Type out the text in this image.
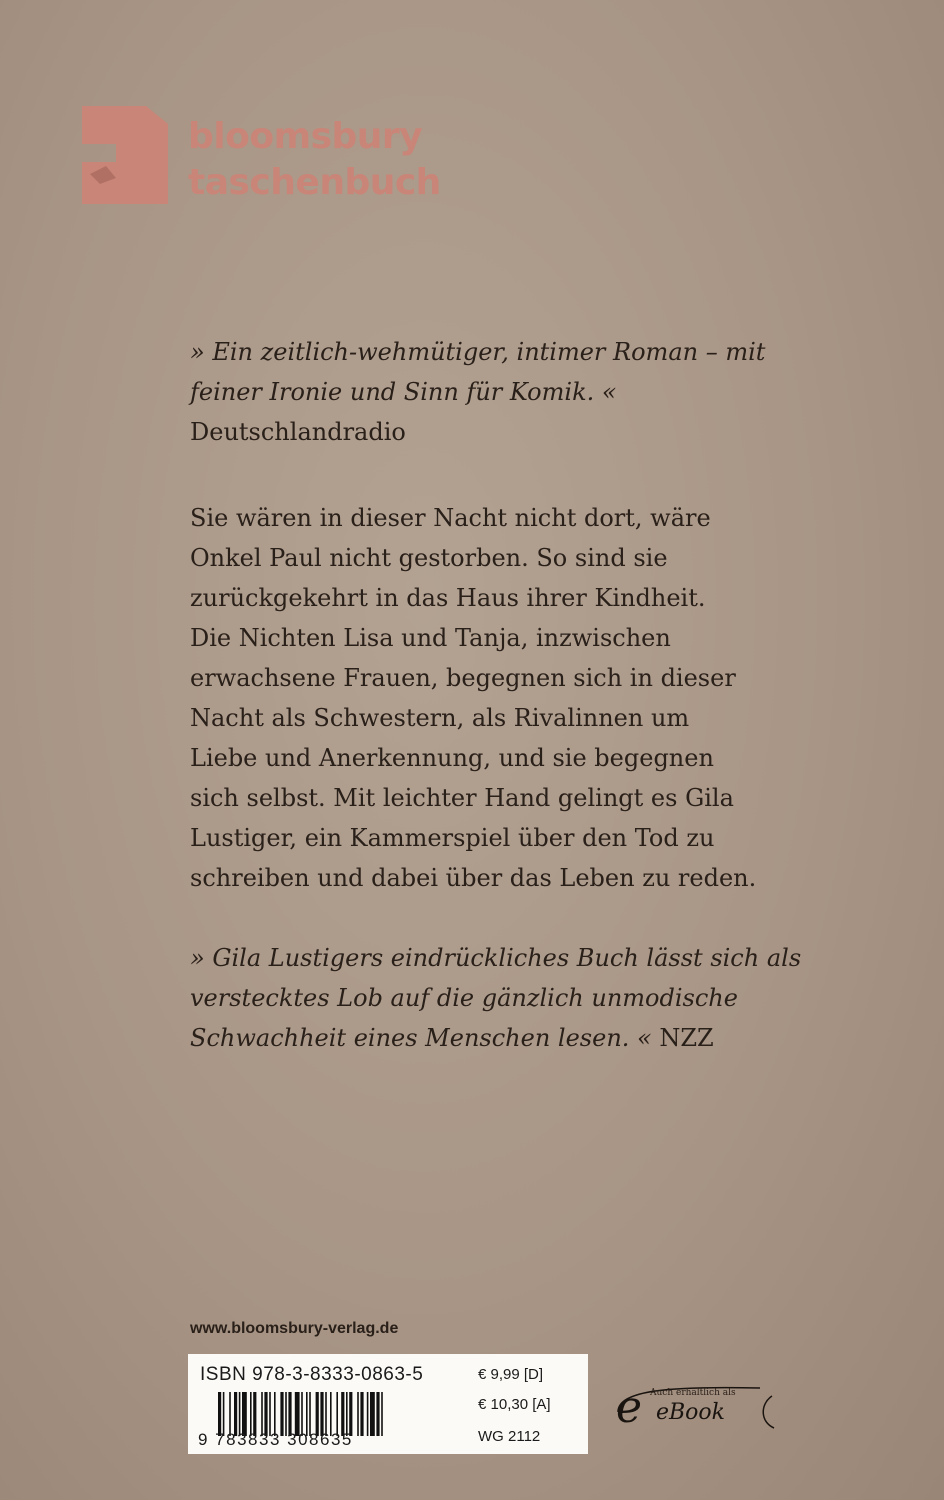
bloomsbury
taschenbuch
» Ein zeitlich-wehmütiger, intimer Roman – mit
feiner Ironie und Sinn für Komik. «
Deutschlandradio
Sie wären in dieser Nacht nicht dort, wäre
Onkel Paul nicht gestorben. So sind sie
zurückgekehrt in das Haus ihrer Kindheit.
Die Nichten Lisa und Tanja, inzwischen
erwachsene Frauen, begegnen sich in dieser
Nacht als Schwestern, als Rivalinnen um
Liebe und Anerkennung, und sie begegnen
sich selbst. Mit leichter Hand gelingt es Gila
Lustiger, ein Kammerspiel über den Tod zu
schreiben und dabei über das Leben zu reden.
» Gila Lustigers eindrückliches Buch lässt sich als
verstecktes Lob auf die gänzlich unmodische
Schwachheit eines Menschen lesen. « NZZ
www.bloomsbury-verlag.de
ISBN 978-3-8333-0863-5
9 783833 308635
€ 9,99 [D]
€ 10,30 [A]
WG 2112
e Auch erhältlich als
eBook
